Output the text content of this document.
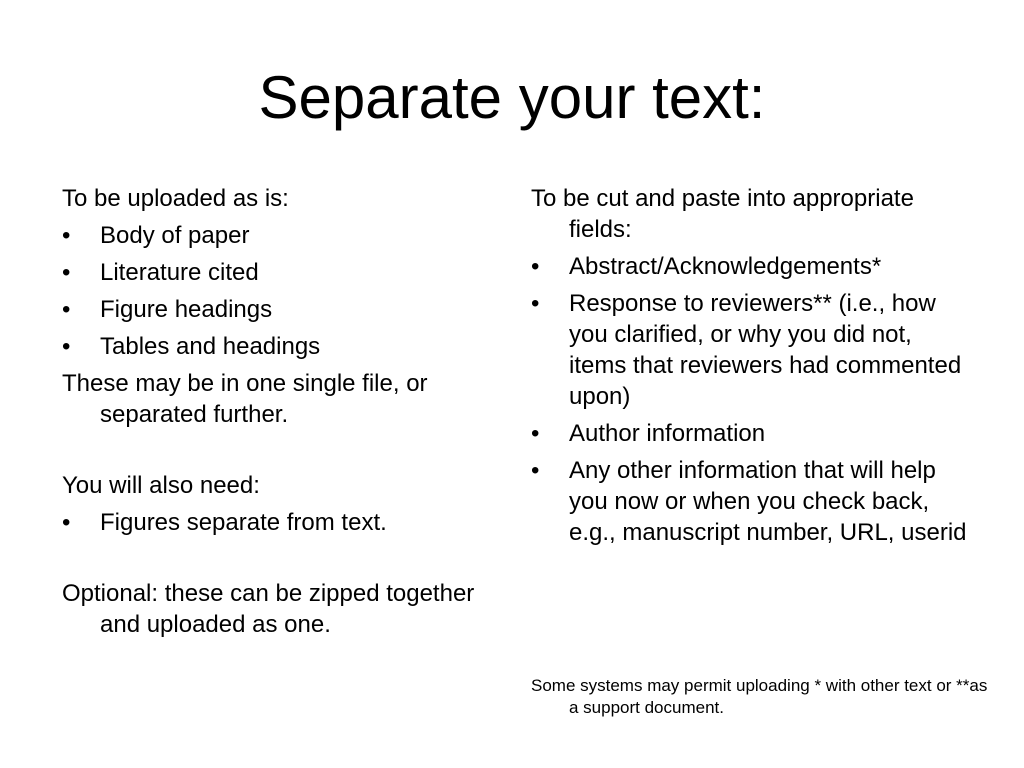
Separate your text:

To be uploaded as is:

•	Body of paper
•	Literature cited
•	Figure headings
•	Tables and headings

These may be in one single file, or separated further.

You will also need:

•	Figures separate from text.

Optional: these can be zipped together and uploaded as one.

To be cut and paste into appropriate fields:

•	Abstract/Acknowledgements*
•	Response to reviewers** (i.e., how you clarified, or why you did not, items that reviewers had commented upon)
•	Author information
•	Any other information that will help you now or when you check back, e.g., manuscript number, URL, userid

Some systems may permit uploading * with other text or **as a support document.
